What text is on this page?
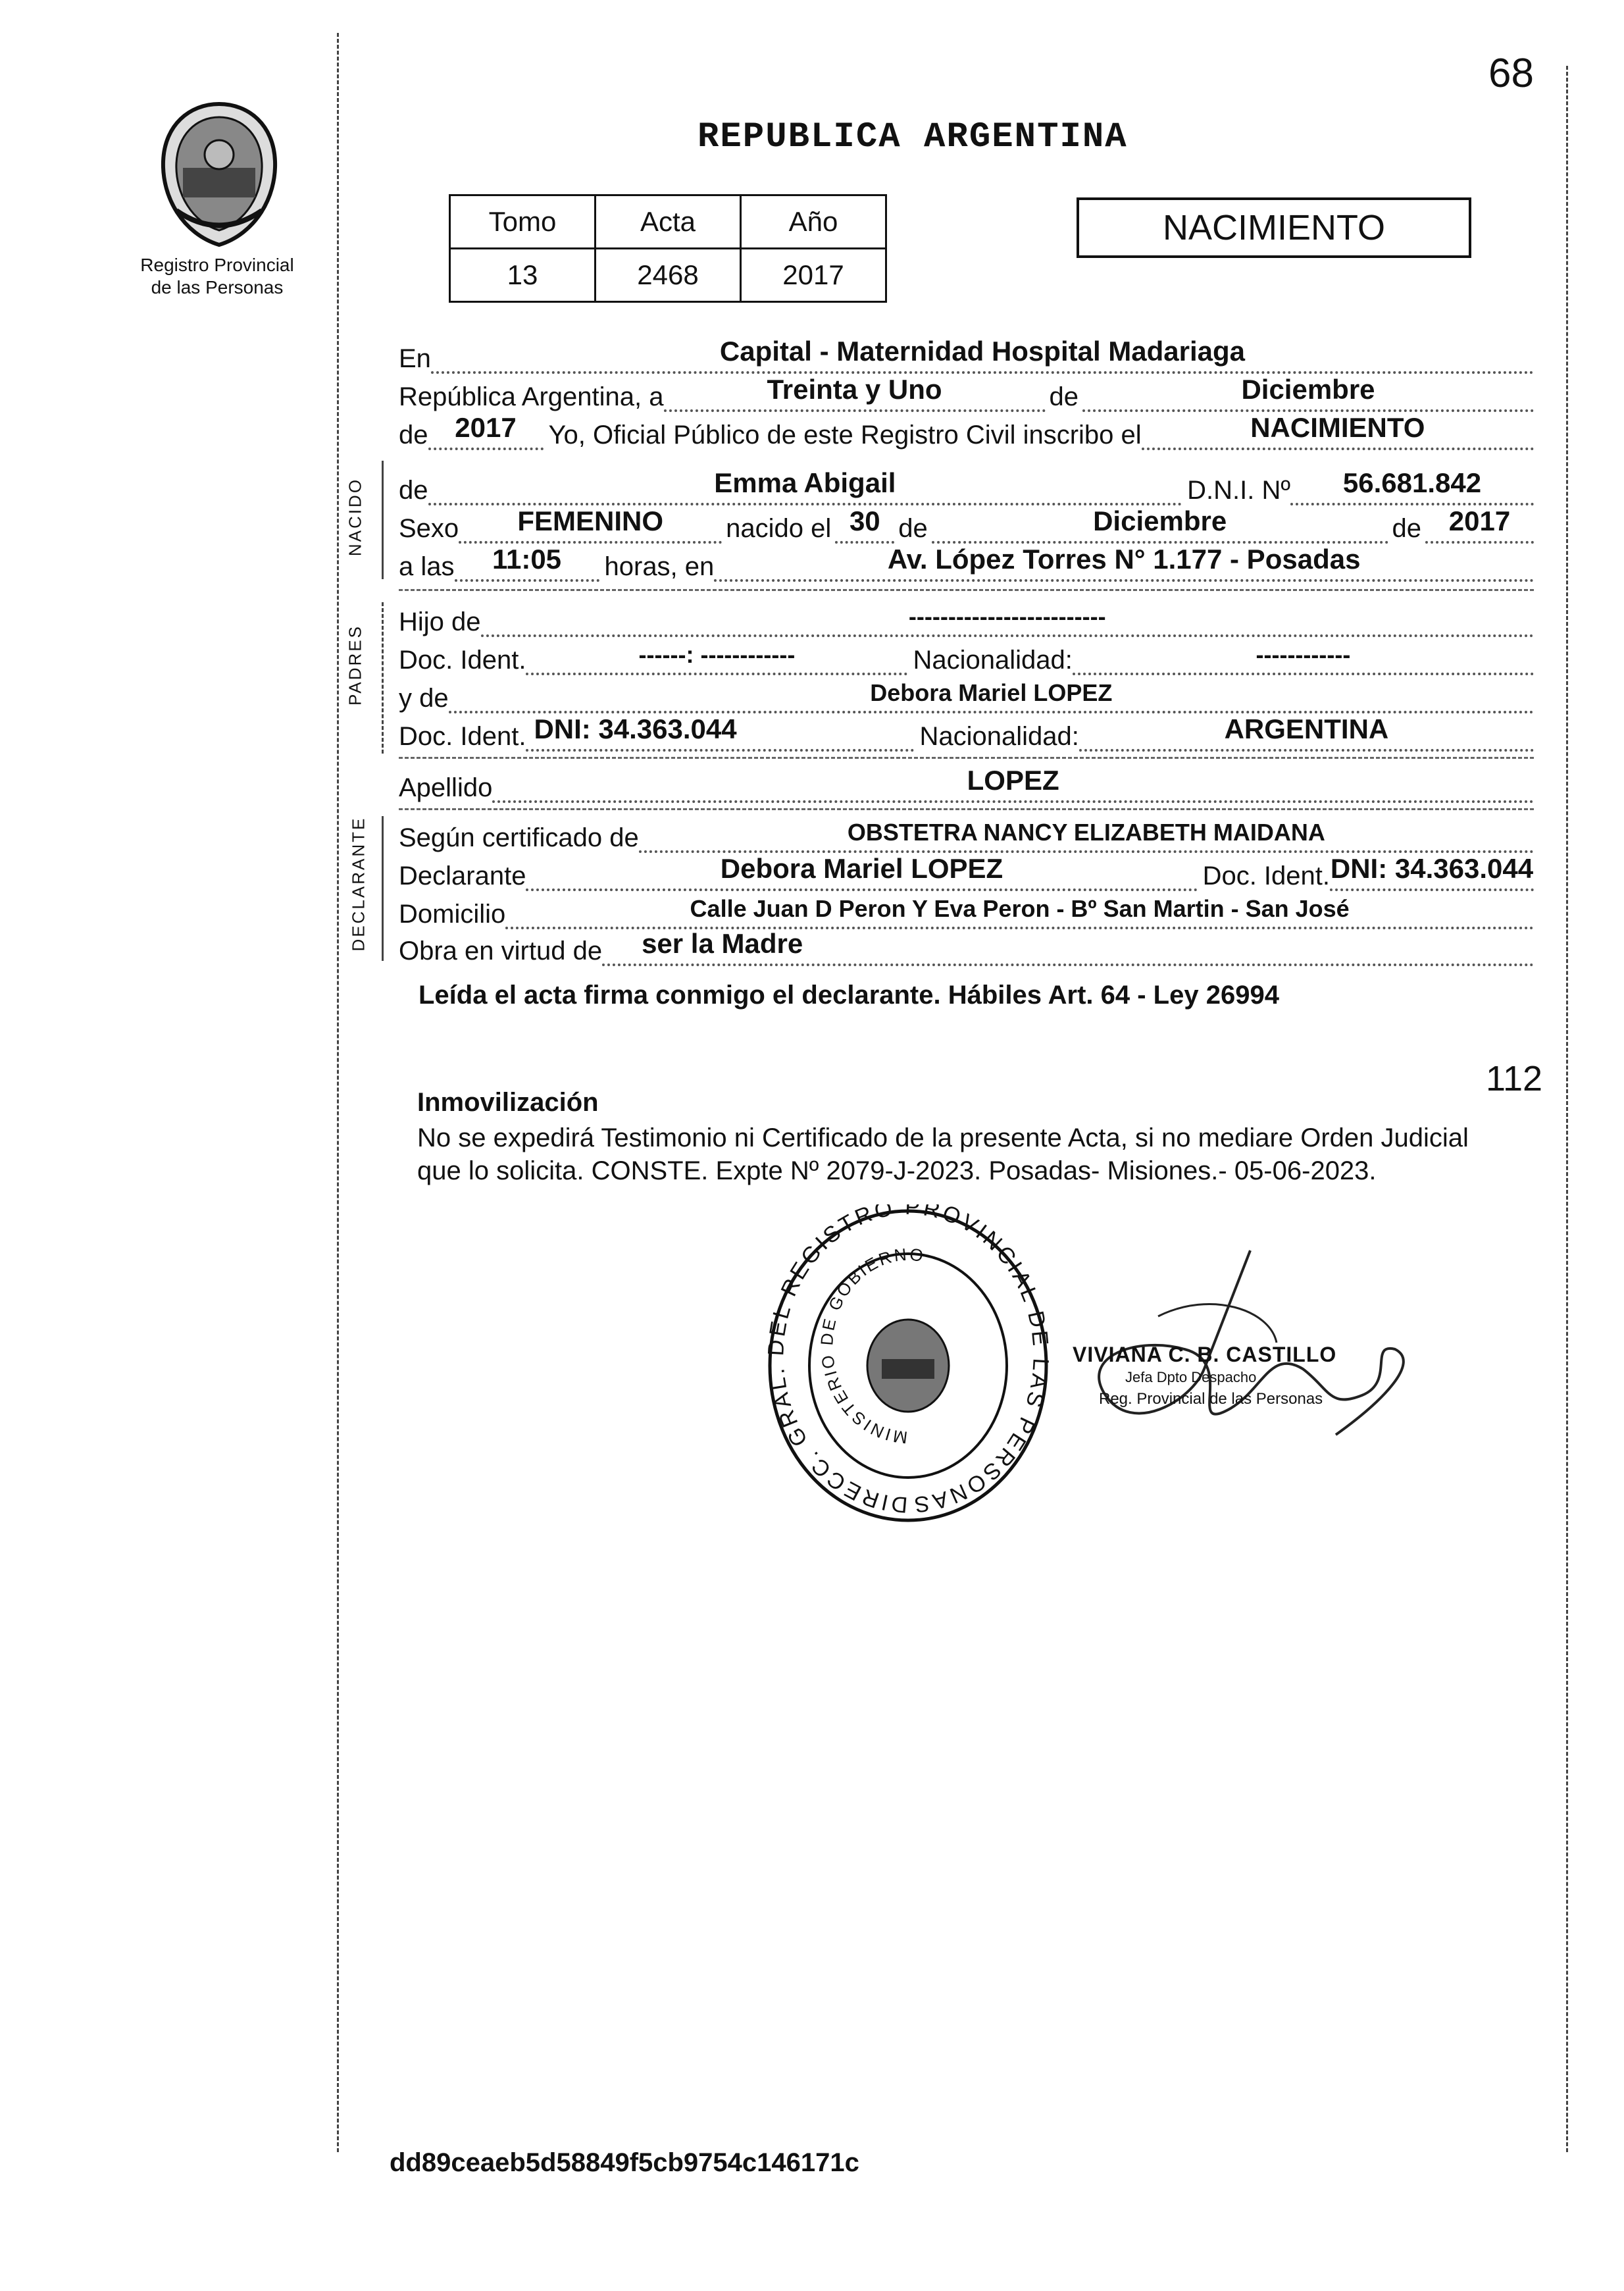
68
Registro Provincial
de las Personas
REPUBLICA ARGENTINA
Tomo	Acta	Año
13	2468	2017
NACIMIENTO
En	Capital - Maternidad Hospital Madariaga
República Argentina, a	Treinta y Uno	de	Diciembre
de 2017	Yo, Oficial Público de este Registro Civil inscribo el	NACIMIENTO
de	Emma Abigail	D.N.I. Nº	56.681.842
Sexo	FEMENINO	nacido el 30 de	Diciembre	de 2017
a las	11:05	horas, en	Av. López Torres N° 1.177 - Posadas
Hijo de	-------------------------
Doc. Ident.	------: ------------	Nacionalidad:	------------
y de	Debora Mariel LOPEZ
Doc. Ident. DNI: 34.363.044	Nacionalidad:	ARGENTINA
Apellido	LOPEZ
Según certificado de	OBSTETRA NANCY ELIZABETH MAIDANA
Declarante	Debora Mariel LOPEZ	Doc. Ident. DNI: 34.363.044
Domicilio	Calle Juan D Peron Y Eva Peron - Bº San Martin - San José
Obra en virtud de ser la Madre
NACIDO
PADRES
DECLARANTE
Leída el acta firma conmigo el declarante. Hábiles Art. 64 - Ley 26994
112
Inmovilización
No se expedirá Testimonio ni Certificado de la presente Acta, si no mediare Orden Judicial que lo solicita. CONSTE. Expte Nº 2079-J-2023. Posadas- Misiones.- 05-06-2023.
DIRECC. GRAL. DEL REGISTRO PROVINCIAL DE LAS PERSONAS
MINISTERIO DE GOBIERNO
VIVIANA C. B. CASTILLO
Jefa Dpto Despacho
Reg. Provincial de las Personas
dd89ceaeb5d58849f5cb9754c146171c
